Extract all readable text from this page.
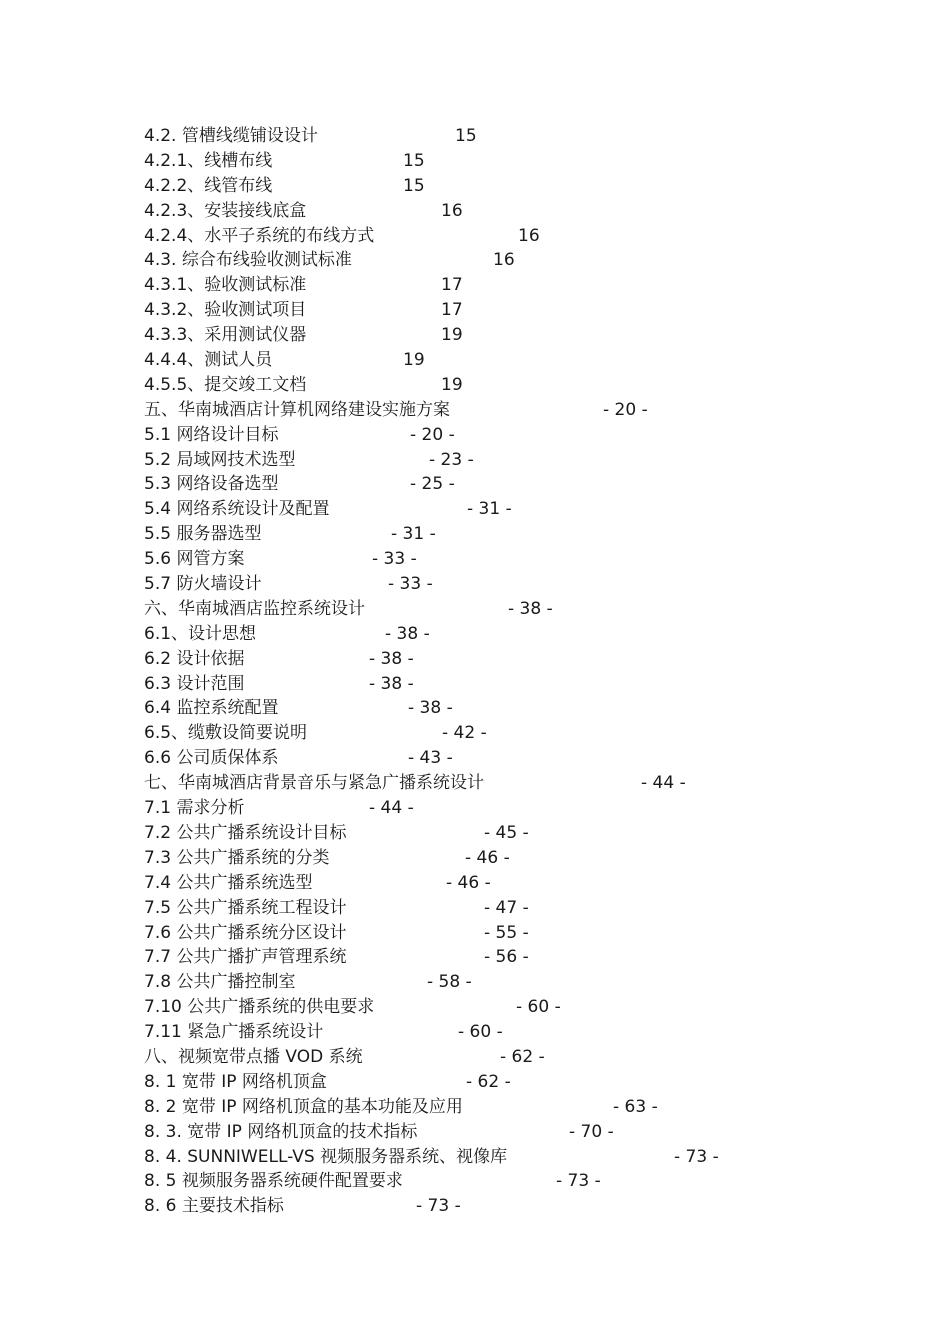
4.2. 管槽线缆铺设设计	15
4.2.1、线槽布线	15
4.2.2、线管布线	15
4.2.3、安装接线底盒	16
4.2.4、水平子系统的布线方式	16
4.3. 综合布线验收测试标准	16
4.3.1、验收测试标准	17
4.3.2、验收测试项目	17
4.3.3、采用测试仪器	19
4.4.4、测试人员	19
4.5.5、提交竣工文档	19
五、华南城酒店计算机网络建设实施方案	- 20 -
5.1 网络设计目标	- 20 -
5.2 局域网技术选型	- 23 -
5.3 网络设备选型	- 25 -
5.4 网络系统设计及配置	- 31 -
5.5 服务器选型	- 31 -
5.6 网管方案	- 33 -
5.7 防火墙设计	- 33 -
六、华南城酒店监控系统设计	- 38 -
6.1、设计思想	- 38 -
6.2 设计依据	- 38 -
6.3 设计范围	- 38 -
6.4 监控系统配置	- 38 -
6.5、缆敷设简要说明	- 42 -
6.6 公司质保体系	- 43 -
七、华南城酒店背景音乐与紧急广播系统设计	- 44 -
7.1 需求分析	- 44 -
7.2 公共广播系统设计目标	- 45 -
7.3 公共广播系统的分类	- 46 -
7.4 公共广播系统选型	- 46 -
7.5 公共广播系统工程设计	- 47 -
7.6 公共广播系统分区设计	- 55 -
7.7 公共广播扩声管理系统	- 56 -
7.8 公共广播控制室	- 58 -
7.10 公共广播系统的供电要求	- 60 -
7.11 紧急广播系统设计	- 60 -
八、视频宽带点播 VOD 系统	- 62 -
8. 1 宽带 IP 网络机顶盒	- 62 -
8. 2 宽带 IP 网络机顶盒的基本功能及应用	- 63 -
8. 3. 宽带 IP 网络机顶盒的技术指标	- 70 -
8. 4. SUNNIWELL-VS 视频服务器系统、视像库	- 73 -
8. 5 视频服务器系统硬件配置要求	- 73 -
8. 6 主要技术指标	- 73 -
